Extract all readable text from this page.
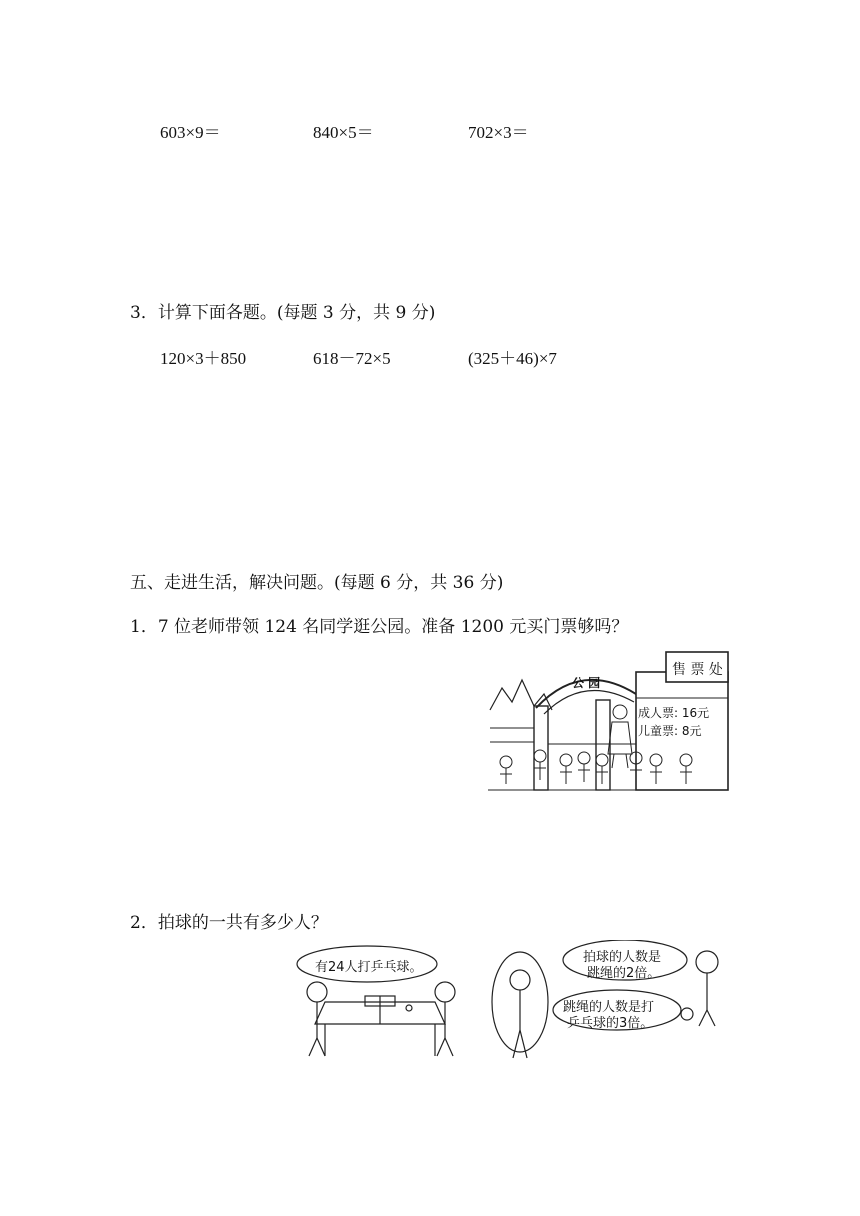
603×9＝	840×5＝	702×3＝
3．计算下面各题。(每题 3 分，共 9 分)
120×3＋850	618－72×5	(325＋46)×7
五、走进生活，解决问题。(每题 6 分，共 36 分)
1．7 位老师带领 124 名同学逛公园。准备 1200 元买门票够吗？
公 园
售 票 处
成人票: 16元
儿童票: 8元
2．拍球的一共有多少人？
有24人打乒乓球。
拍球的人数是
跳绳的2倍。
跳绳的人数是打
乒乓球的3倍。
